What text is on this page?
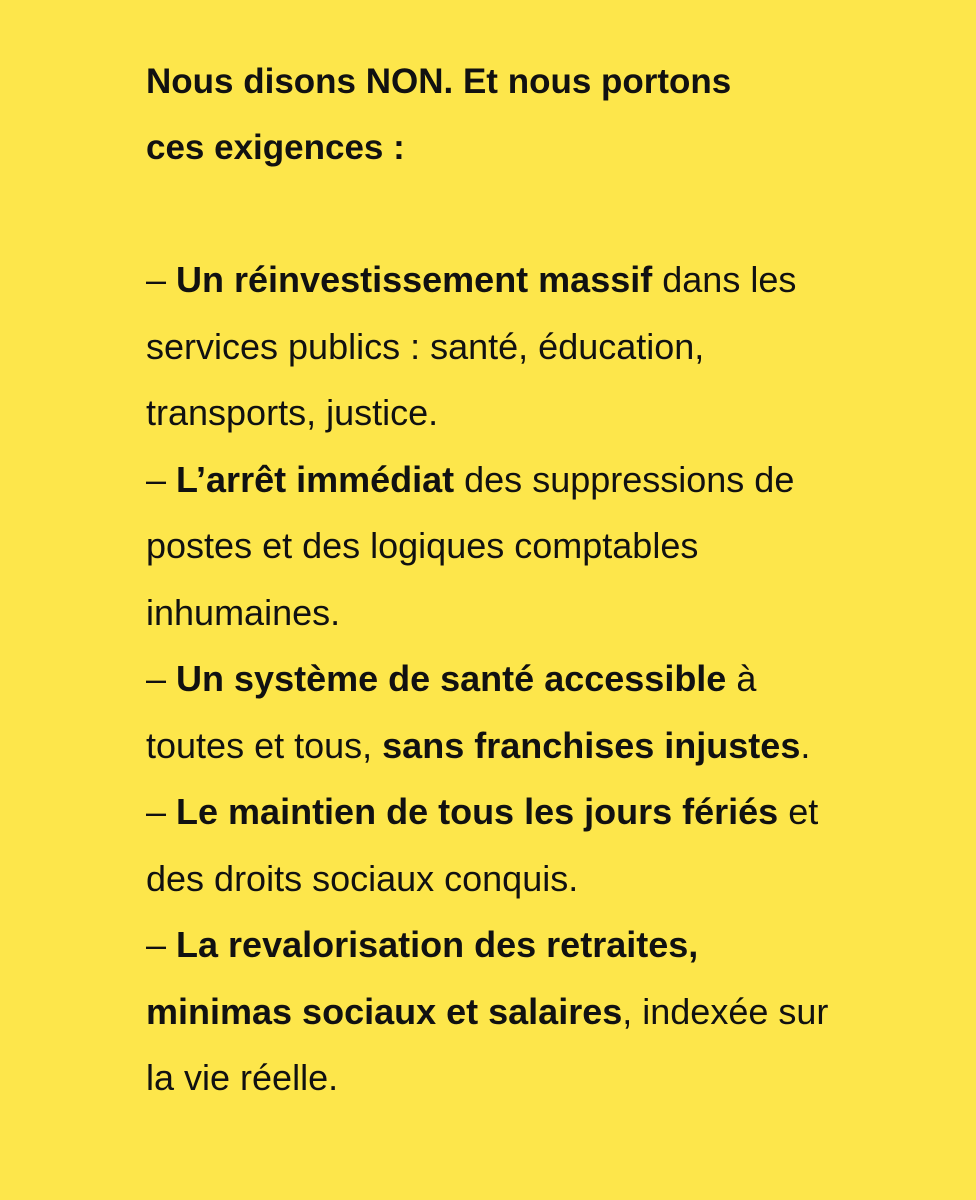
Nous disons NON. Et nous portons
ces exigences :

– Un réinvestissement massif dans les services publics : santé, éducation, transports, justice.
– L’arrêt immédiat des suppressions de postes et des logiques comptables inhumaines.
– Un système de santé accessible à toutes et tous, sans franchises injustes.
– Le maintien de tous les jours fériés et des droits sociaux conquis.
– La revalorisation des retraites, minimas sociaux et salaires, indexée sur la vie réelle.
